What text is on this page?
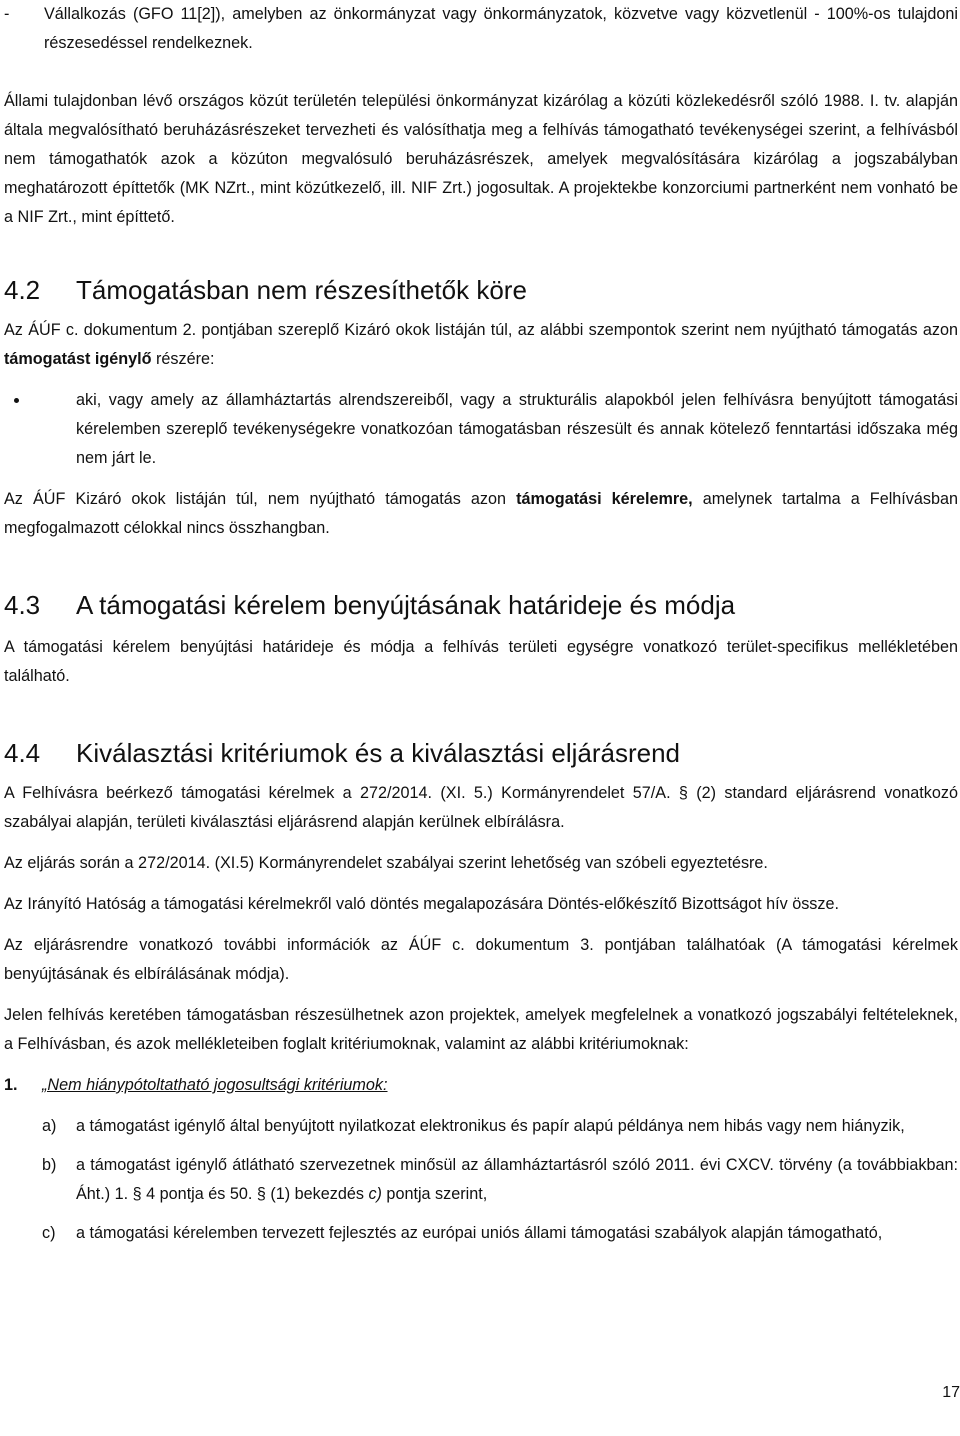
-	Vállalkozás (GFO 11[2]), amelyben az önkormányzat vagy önkormányzatok, közvetve vagy közvetlenül - 100%-os tulajdoni részesedéssel rendelkeznek.

Állami tulajdonban lévő országos közút területén települési önkormányzat kizárólag a közúti közlekedésről szóló 1988. I. tv. alapján általa megvalósítható beruházásrészeket tervezheti és valósíthatja meg a felhívás támogatható tevékenységei szerint, a felhívásból nem támogathatók azok a közúton megvalósuló beruházásrészek, amelyek megvalósítására kizárólag a jogszabályban meghatározott építtetők (MK NZrt., mint közútkezelő, ill. NIF Zrt.) jogosultak. A projektekbe konzorciumi partnerként nem vonható be a NIF Zrt., mint építtető.

4.2	Támogatásban nem részesíthetők köre

Az ÁÚF c. dokumentum 2. pontjában szereplő Kizáró okok listáján túl, az alábbi szempontok szerint nem nyújtható támogatás azon támogatást igénylő részére:

aki, vagy amely az államháztartás alrendszereiből, vagy a strukturális alapokból jelen felhívásra benyújtott támogatási kérelemben szereplő tevékenységekre vonatkozóan támogatásban részesült és annak kötelező fenntartási időszaka még nem járt le.

Az ÁÚF Kizáró okok listáján túl, nem nyújtható támogatás azon támogatási kérelemre, amelynek tartalma a Felhívásban megfogalmazott célokkal nincs összhangban.

4.3	A támogatási kérelem benyújtásának határideje és módja

A támogatási kérelem benyújtási határideje és módja a felhívás területi egységre vonatkozó terület-specifikus mellékletében található.

4.4	Kiválasztási kritériumok és a kiválasztási eljárásrend

A Felhívásra beérkező támogatási kérelmek a 272/2014. (XI. 5.) Kormányrendelet 57/A. § (2) standard eljárásrend vonatkozó szabályai alapján, területi kiválasztási eljárásrend alapján kerülnek elbírálásra.

Az eljárás során a 272/2014. (XI.5) Kormányrendelet szabályai szerint lehetőség van szóbeli egyeztetésre.

Az Irányító Hatóság a támogatási kérelmekről való döntés megalapozására Döntés-előkészítő Bizottságot hív össze.

Az eljárásrendre vonatkozó további információk az ÁÚF c. dokumentum 3. pontjában találhatóak (A támogatási kérelmek benyújtásának és elbírálásának módja).

Jelen felhívás keretében támogatásban részesülhetnek azon projektek, amelyek megfelelnek a vonatkozó jogszabályi feltételeknek, a Felhívásban, és azok mellékleteiben foglalt kritériumoknak, valamint az alábbi kritériumoknak:

1.	„Nem hiánypótoltatható jogosultsági kritériumok:
a)	a támogatást igénylő által benyújtott nyilatkozat elektronikus és papír alapú példánya nem hibás vagy nem hiányzik,
b)	a támogatást igénylő átlátható szervezetnek minősül az államháztartásról szóló 2011. évi CXCV. törvény (a továbbiakban: Áht.) 1. § 4 pontja és 50. § (1) bekezdés c) pontja szerint,
c)	a támogatási kérelemben tervezett fejlesztés az európai uniós állami támogatási szabályok alapján támogatható,
17
